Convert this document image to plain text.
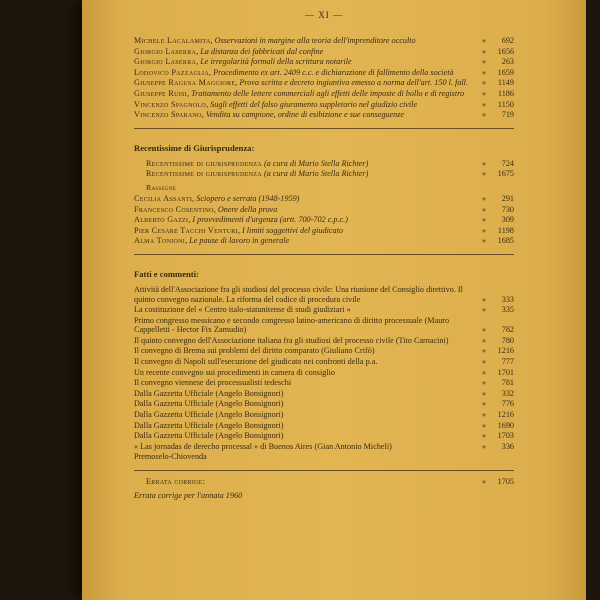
— XI —
Michele Lacalamita, Osservazioni in margine alla teoria dell'imprenditore occulto	»	692
Giorgio Laserra, La distanza dei fabbricati dal confine	»	1656
Giorgio Laserra, Le irregolarità formali della scrittura notarile	»	263
Lodovico Pazzaglia, Procedimento ex art. 2409 c.c. e dichiarazione di fallimento della società	»	1659
Giuseppe Ragusa Maggiore, Prova scritta e decreto ingiuntivo emesso a norma dell'art. 150 l. fall. »	1149
Giuseppe Ruisi, Trattamento delle lettere commerciali agli effetti delle imposte di bollo e di registro »	1186
Vincenzo Spagnolo, Sugli effetti del falso giuramento suppletorio nel giudizio civile	»	1150
Vincenzo Sparano, Vendita su campione, ordine di esibizione e sue conseguenze	»	719
Recentissime di Giurisprudenza:
Recentissime di giurisprudenza (a cura di Mario Stella Richter)	»	724
Recentissime di giurisprudenza (a cura di Mario Stella Richter)	»	1675
Rassegne
Cecilia Assanti, Sciopero e serrata (1948-1959)	»	291
Francesco Cosentino, Onere della prova	»	730
Alberto Gazzi, I provvedimenti d'urgenza (artt. 700-702 c.p.c.)	»	309
Pier Cesare Tacchi Venturi, I limiti soggettivi del giudicato	»	1198
Alma Tonioni, Le pause di lavoro in generale	»	1685
Fatti e commenti:
Attività dell'Associazione fra gli studiosi del processo civile: Una riunione del Consiglio direttivo. Il quinto convegno nazionale. La riforma del codice di procedura civile	»	333
La costituzione del « Centro italo-statunitense di studi giudiziari »	»	335
Primo congresso messicano e secondo congresso latino-americano di diritto processuale (Mauro Cappelletti - Hector Fix Zamudio)	»	782
Il quinto convegno dell'Associazione italiana fra gli studiosi del processo civile (Tito Carnacini)	»	780
Il convegno di Brema sui problemi del diritto comparato (Giuliano Crifò)	»	1216
Il convegno di Napoli sull'esecuzione del giudicato nei confronti della p.a.	»	777
Un recente convegno sui procedimenti in camera di consiglio	»	1701
Il convegno viennese dei processualisti tedeschi	»	781
Dalla Gazzetta Ufficiale (Angelo Bonsignori)	»	332
Dalla Gazzetta Ufficiale (Angelo Bonsignori)	»	776
Dalla Gazzetta Ufficiale (Angelo Bonsignori)	»	1216
Dalla Gazzetta Ufficiale (Angelo Bonsignori)	»	1690
Dalla Gazzetta Ufficiale (Angelo Bonsignori)	»	1703
« Las jornadas de derecho processal » di Buenos Aires (Gian Antonio Micheli)	»	336
Premoselo-Chiovenda
Errata corrige:	»	1705
Errata corrige per l'annata 1960
